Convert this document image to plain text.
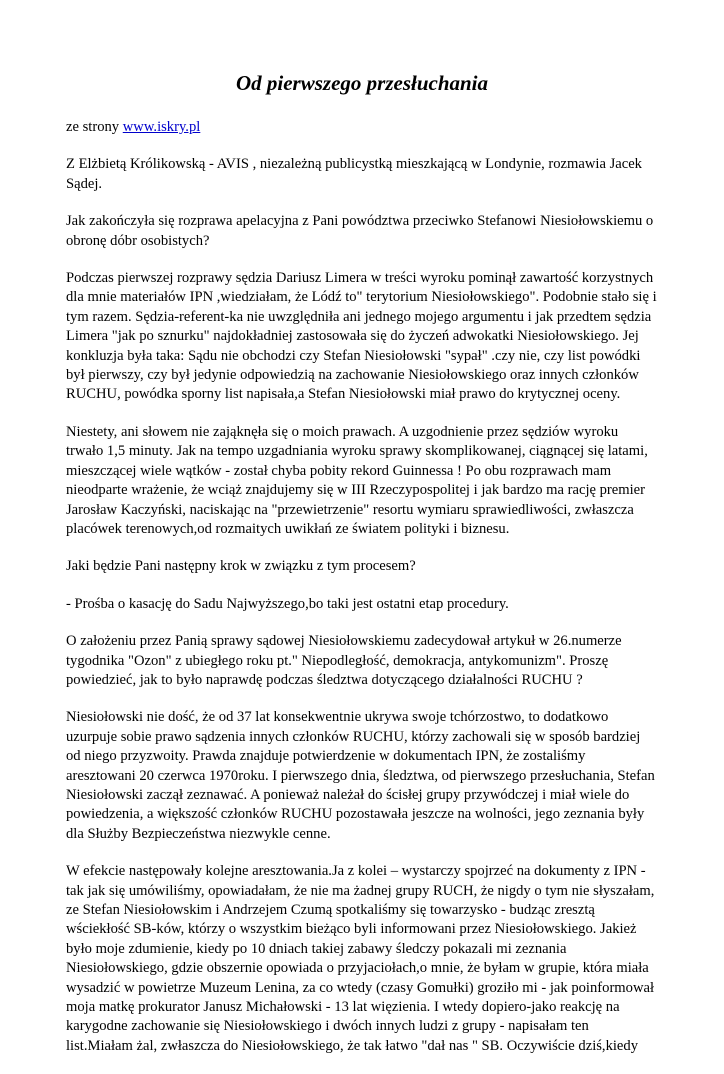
Od pierwszego przesłuchania
ze strony www.iskry.pl

Z Elżbietą Królikowską - AVIS , niezależną publicystką mieszkającą w Londynie, rozmawia Jacek Sądej.

Jak zakończyła się rozprawa apelacyjna z Pani powództwa przeciwko Stefanowi Niesiołowskiemu o obronę dóbr osobistych?

Podczas pierwszej rozprawy sędzia Dariusz Limera w treści wyroku pominął zawartość korzystnych dla mnie materiałów IPN ,wiedziałam, że Lódź to" terytorium Niesiołowskiego". Podobnie stało się i tym razem. Sędzia-referent-ka nie uwzględniła ani jednego mojego argumentu i jak przedtem sędzia Limera "jak po sznurku" najdokładniej zastosowała się do życzeń adwokatki Niesiołowskiego. Jej konkluzja była taka: Sądu nie obchodzi czy Stefan Niesiołowski "sypał" .czy nie, czy list powódki był pierwszy, czy był jedynie odpowiedzią na zachowanie Niesiołowskiego oraz innych członków RUCHU, powódka sporny list napisała,a Stefan Niesiołowski miał prawo do krytycznej oceny.

Niestety, ani słowem nie zająknęła się o moich prawach. A uzgodnienie przez sędziów wyroku trwało 1,5 minuty. Jak na tempo uzgadniania wyroku sprawy skomplikowanej, ciągnącej się latami, mieszczącej wiele wątków - został chyba pobity rekord Guinnessa ! Po obu rozprawach mam nieodparte wrażenie, że wciąż znajdujemy się w III Rzeczypospolitej i jak bardzo ma rację premier Jarosław Kaczyński, naciskając na "przewietrzenie" resortu wymiaru sprawiedliwości, zwłaszcza placówek terenowych,od rozmaitych uwikłań ze światem polityki i biznesu.

Jaki będzie Pani następny krok w związku z tym procesem?

- Prośba o kasację do Sadu Najwyższego,bo taki jest ostatni etap procedury.

O założeniu przez Panią sprawy sądowej Niesiołowskiemu zadecydował artykuł w 26.numerze tygodnika "Ozon" z ubiegłego roku pt." Niepodległość, demokracja, antykomunizm". Proszę powiedzieć, jak to było naprawdę podczas śledztwa dotyczącego działalności RUCHU ?

Niesiołowski nie dość, że od 37 lat konsekwentnie ukrywa swoje tchórzostwo, to dodatkowo uzurpuje sobie prawo sądzenia innych członków RUCHU, którzy zachowali się w sposób bardziej od niego przyzwoity. Prawda znajduje potwierdzenie w dokumentach IPN, że zostaliśmy aresztowani 20 czerwca 1970roku. I pierwszego dnia, śledztwa, od pierwszego przesłuchania, Stefan Niesiołowski zaczął zeznawać. A ponieważ należał do ścisłej grupy przywódczej i miał wiele do powiedzenia, a większość członków RUCHU pozostawała jeszcze na wolności, jego zeznania były dla Służby Bezpieczeństwa niezwykle cenne.

W efekcie następowały kolejne aresztowania.Ja z kolei – wystarczy spojrzeć na dokumenty z IPN - tak jak się umówiliśmy, opowiadałam, że nie ma żadnej grupy RUCH, że nigdy o tym nie słyszałam, ze Stefan Niesiołowskim i Andrzejem Czumą spotkaliśmy się towarzysko - budząc zresztą wściekłość SB-ków, którzy o wszystkim bieżąco byli informowani przez Niesiołowskiego. Jakież było moje zdumienie, kiedy po 10 dniach takiej zabawy śledczy pokazali mi zeznania Niesiołowskiego, gdzie obszernie opowiada o przyjaciołach,o mnie, że byłam w grupie, która miała wysadzić w powietrze Muzeum Lenina, za co wtedy (czasy Gomułki) groziło mi - jak poinformował moja matkę prokurator Janusz Michałowski - 13 lat więzienia. I wtedy dopiero-jako reakcję na karygodne zachowanie się Niesiołowskiego i dwóch innych ludzi z grupy - napisałam ten list.Miałam żal, zwłaszcza do Niesiołowskiego, że tak łatwo "dał nas " SB. Oczywiście dziś,kiedy
